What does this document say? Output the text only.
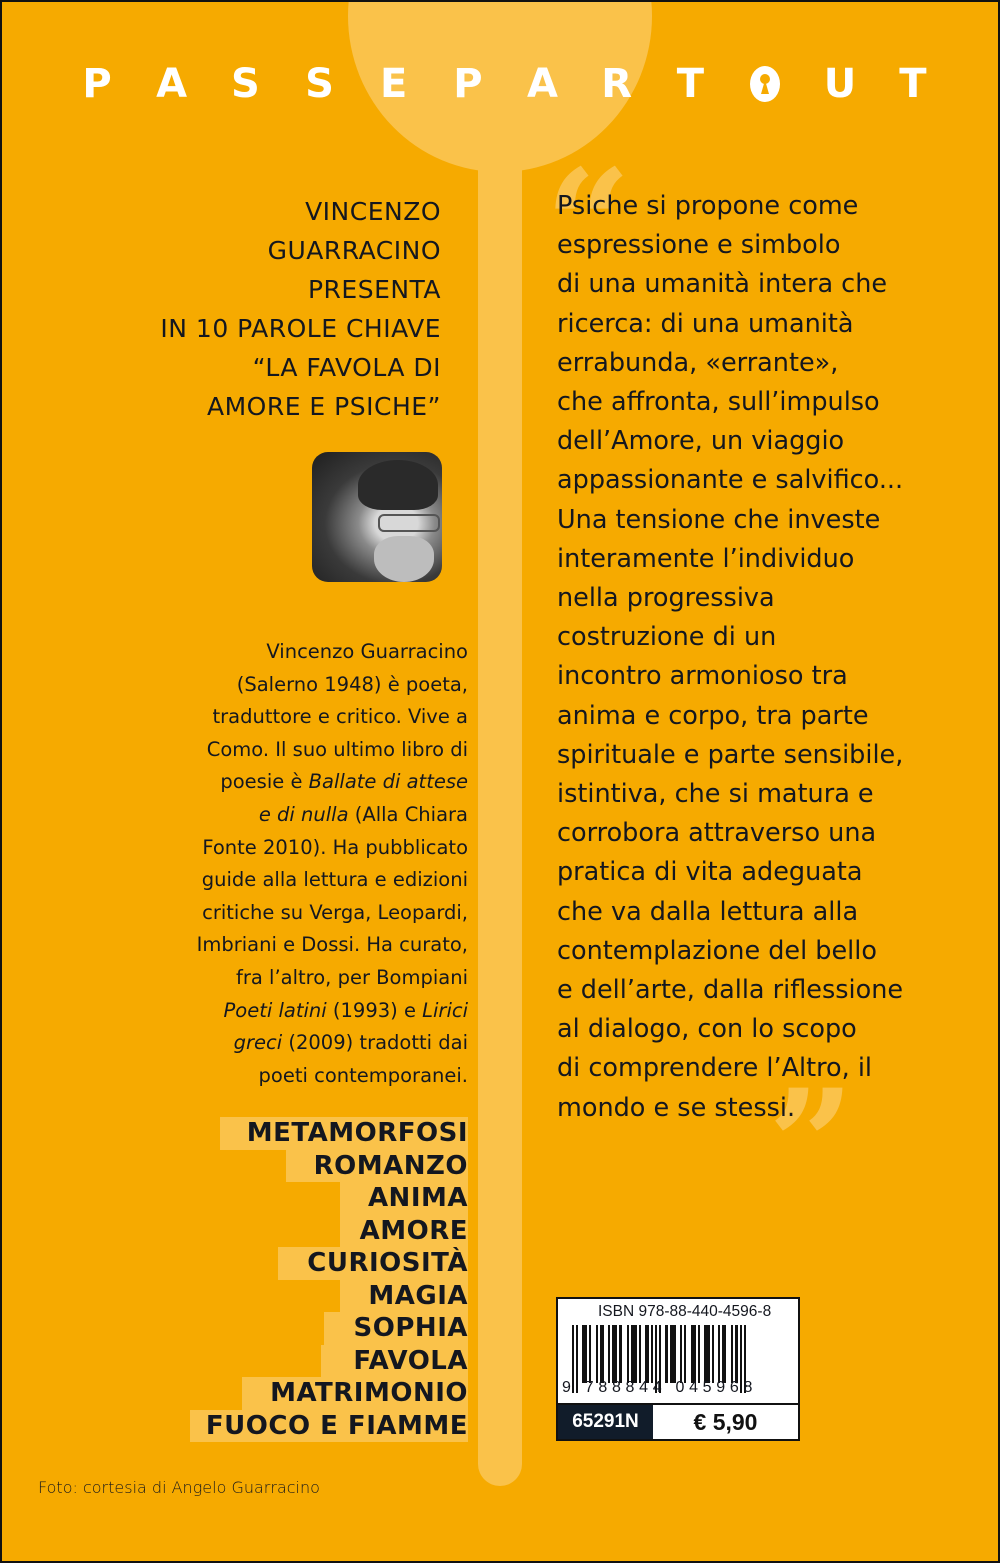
P A S S E P A R T	U T
VINCENZO
GUARRACINO
PRESENTA
IN 10 PAROLE CHIAVE
“LA FAVOLA DI
AMORE E PSICHE”
Vincenzo Guarracino
(Salerno 1948) è poeta,
traduttore e critico. Vive a
Como. Il suo ultimo libro di
poesie è Ballate di attese
e di nulla (Alla Chiara
Fonte 2010). Ha pubblicato
guide alla lettura e edizioni
critiche su Verga, Leopardi,
Imbriani e Dossi. Ha curato,
fra l’altro, per Bompiani
Poeti latini (1993) e Lirici
greci (2009) tradotti dai
poeti contemporanei.
METAMORFOSI
ROMANZO
ANIMA
AMORE
CURIOSITÀ
MAGIA
SOPHIA
FAVOLA
MATRIMONIO
FUOCO E FIAMME
“
Psiche si propone come
espressione e simbolo
di una umanità intera che
ricerca: di una umanità
errabunda, «errante»,
che affronta, sull’impulso
dell’Amore, un viaggio
appassionante e salvifico...
Una tensione che investe
interamente l’individuo
nella progressiva
costruzione di un
incontro armonioso tra
anima e corpo, tra parte
spirituale e parte sensibile,
istintiva, che si matura e
corrobora attraverso una
pratica di vita adeguata
che va dalla lettura alla
contemplazione del bello
e dell’arte, dalla riflessione
al dialogo, con lo scopo
di comprendere l’Altro, il
mondo e se stessi.
”
ISBN 978-88-440-4596-8
9 788844 045968
65291N	€ 5,90
Foto: cortesia di Angelo Guarracino
